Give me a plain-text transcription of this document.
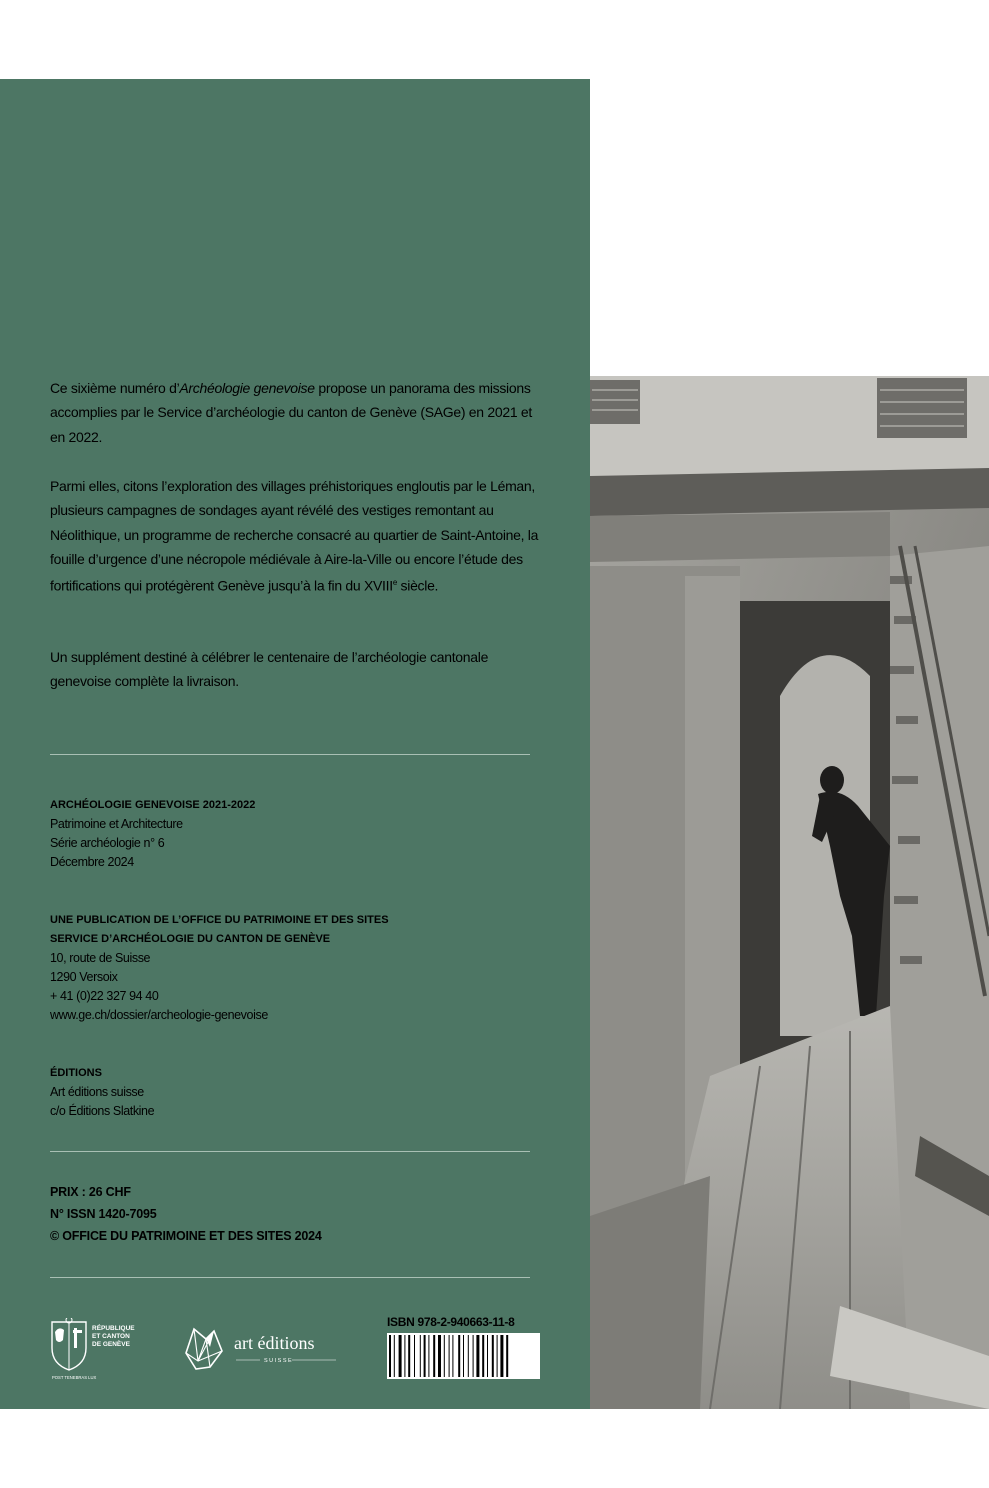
Ce sixième numéro d’Archéologie genevoise propose un panorama des missions accomplies par le Service d’archéologie du canton de Genève (SAGe) en 2021 et en 2022.

Parmi elles, citons l’exploration des villages préhistoriques engloutis par le Léman, plusieurs campagnes de sondages ayant révélé des vestiges remontant au Néolithique, un programme de recherche consacré au quartier de Saint-Antoine, la fouille d’urgence d’une nécropole médiévale à Aire-la-Ville ou encore l’étude des fortifications qui protégèrent Genève jusqu’à la fin du XVIIIe siècle.

Un supplément destiné à célébrer le centenaire de l’archéologie cantonale genevoise complète la livraison.

ARCHÉOLOGIE GENEVOISE 2021-2022
Patrimoine et Architecture
Série archéologie n° 6
Décembre 2024
UNE PUBLICATION DE L’OFFICE DU PATRIMOINE ET DES SITES
SERVICE D’ARCHÉOLOGIE DU CANTON DE GENÈVE
10, route de Suisse
1290 Versoix
+ 41 (0)22 327 94 40
www.ge.ch/dossier/archeologie-genevoise
ÉDITIONS
Art éditions suisse
c/o Éditions Slatkine
PRIX : 26 CHF
N° ISSN 1420-7095
© OFFICE DU PATRIMOINE ET DES SITES 2024
RÉPUBLIQUE
ET CANTON
DE GENÈVE
POST TENEBRAS LUX
art éditions
SUISSE
ISBN 978-2-940663-11-8
